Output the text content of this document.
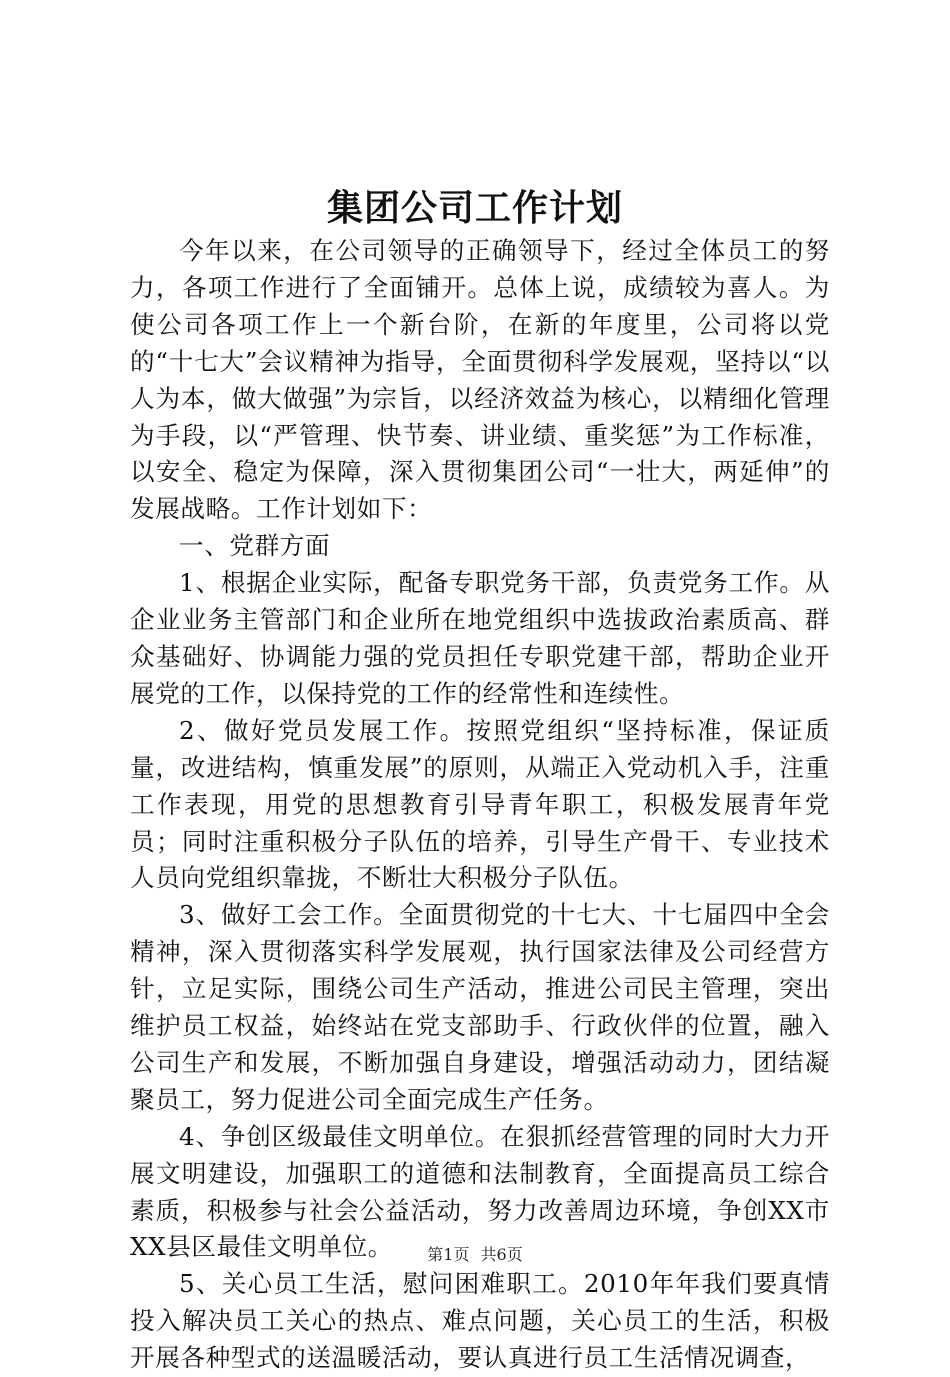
集团公司工作计划

今年以来，在公司领导的正确领导下，经过全体员工的努力，各项工作进行了全面铺开。总体上说，成绩较为喜人。为使公司各项工作上一个新台阶，在新的年度里，公司将以党的“十七大”会议精神为指导，全面贯彻科学发展观，坚持以“以人为本，做大做强”为宗旨，以经济效益为核心，以精细化管理为手段，以“严管理、快节奏、讲业绩、重奖惩”为工作标准，以安全、稳定为保障，深入贯彻集团公司“一壮大，两延伸”的发展战略。工作计划如下：

一、党群方面

1、根据企业实际，配备专职党务干部，负责党务工作。从企业业务主管部门和企业所在地党组织中选拔政治素质高、群众基础好、协调能力强的党员担任专职党建干部，帮助企业开展党的工作，以保持党的工作的经常性和连续性。

2、做好党员发展工作。按照党组织“坚持标准，保证质量，改进结构，慎重发展”的原则，从端正入党动机入手，注重工作表现，用党的思想教育引导青年职工，积极发展青年党员；同时注重积极分子队伍的培养，引导生产骨干、专业技术人员向党组织靠拢，不断壮大积极分子队伍。

3、做好工会工作。全面贯彻党的十七大、十七届四中全会精神，深入贯彻落实科学发展观，执行国家法律及公司经营方针，立足实际，围绕公司生产活动，推进公司民主管理，突出维护员工权益，始终站在党支部助手、行政伙伴的位置，融入公司生产和发展，不断加强自身建设，增强活动动力，团结凝聚员工，努力促进公司全面完成生产任务。

4、争创区级最佳文明单位。在狠抓经营管理的同时大力开展文明建设，加强职工的道德和法制教育，全面提高员工综合素质，积极参与社会公益活动，努力改善周边环境，争创XX市XX县区最佳文明单位。

5、关心员工生活，慰问困难职工。2010年年我们要真情投入解决员工关心的热点、难点问题，关心员工的生活，积极开展各种型式的送温暖活动，要认真进行员工生活情况调查，

第1页 共6页
